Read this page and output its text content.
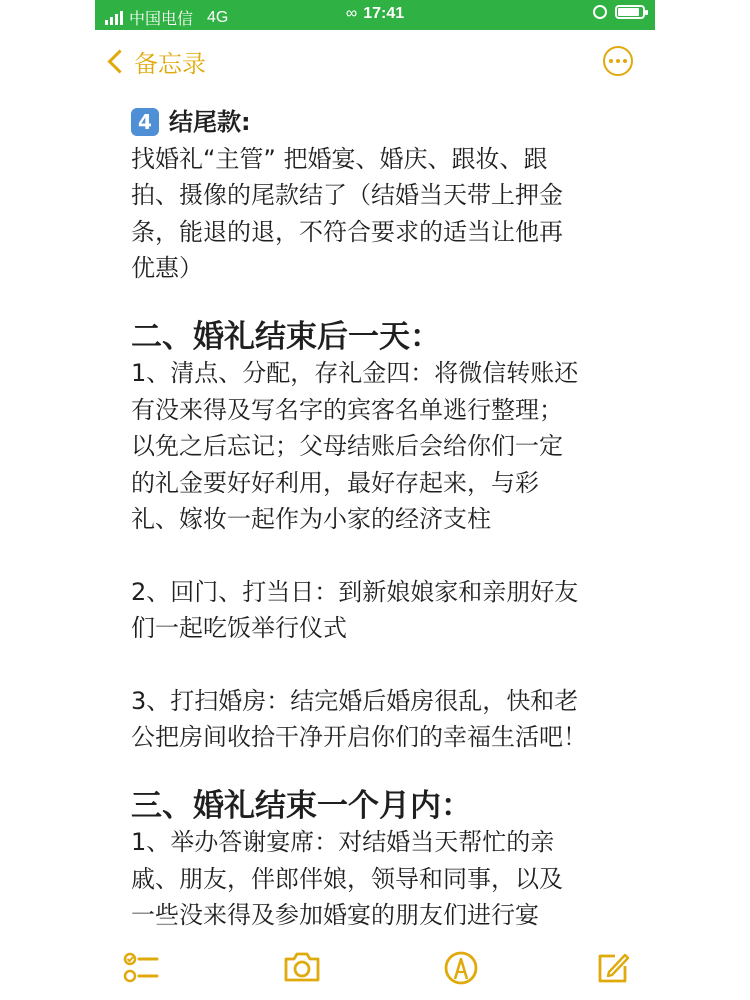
中国电信 4G	∞ 17:41
备忘录

4 结尾款:

找婚礼“主管” 把婚宴、婚庆、跟妆、跟

拍、摄像的尾款结了（结婚当天带上押金

条，能退的退，不符合要求的适当让他再

优惠）

二、婚礼结束后一天：

1、清点、分配，存礼金四：将微信转账还

有没来得及写名字的宾客名单逃行整理；

以免之后忘记；父母结账后会给你们一定

的礼金要好好利用，最好存起来，与彩

礼、嫁妆一起作为小家的经济支柱

2、回门、打当日：到新娘娘家和亲朋好友

们一起吃饭举行仪式

3、打扫婚房：结完婚后婚房很乱，快和老

公把房间收拾干净开启你们的幸福生活吧！

三、婚礼结束一个月内：

1、举办答谢宴席：对结婚当天帮忙的亲

戚、朋友，伴郎伴娘，领导和同事，以及

一些没来得及参加婚宴的朋友们进行宴
